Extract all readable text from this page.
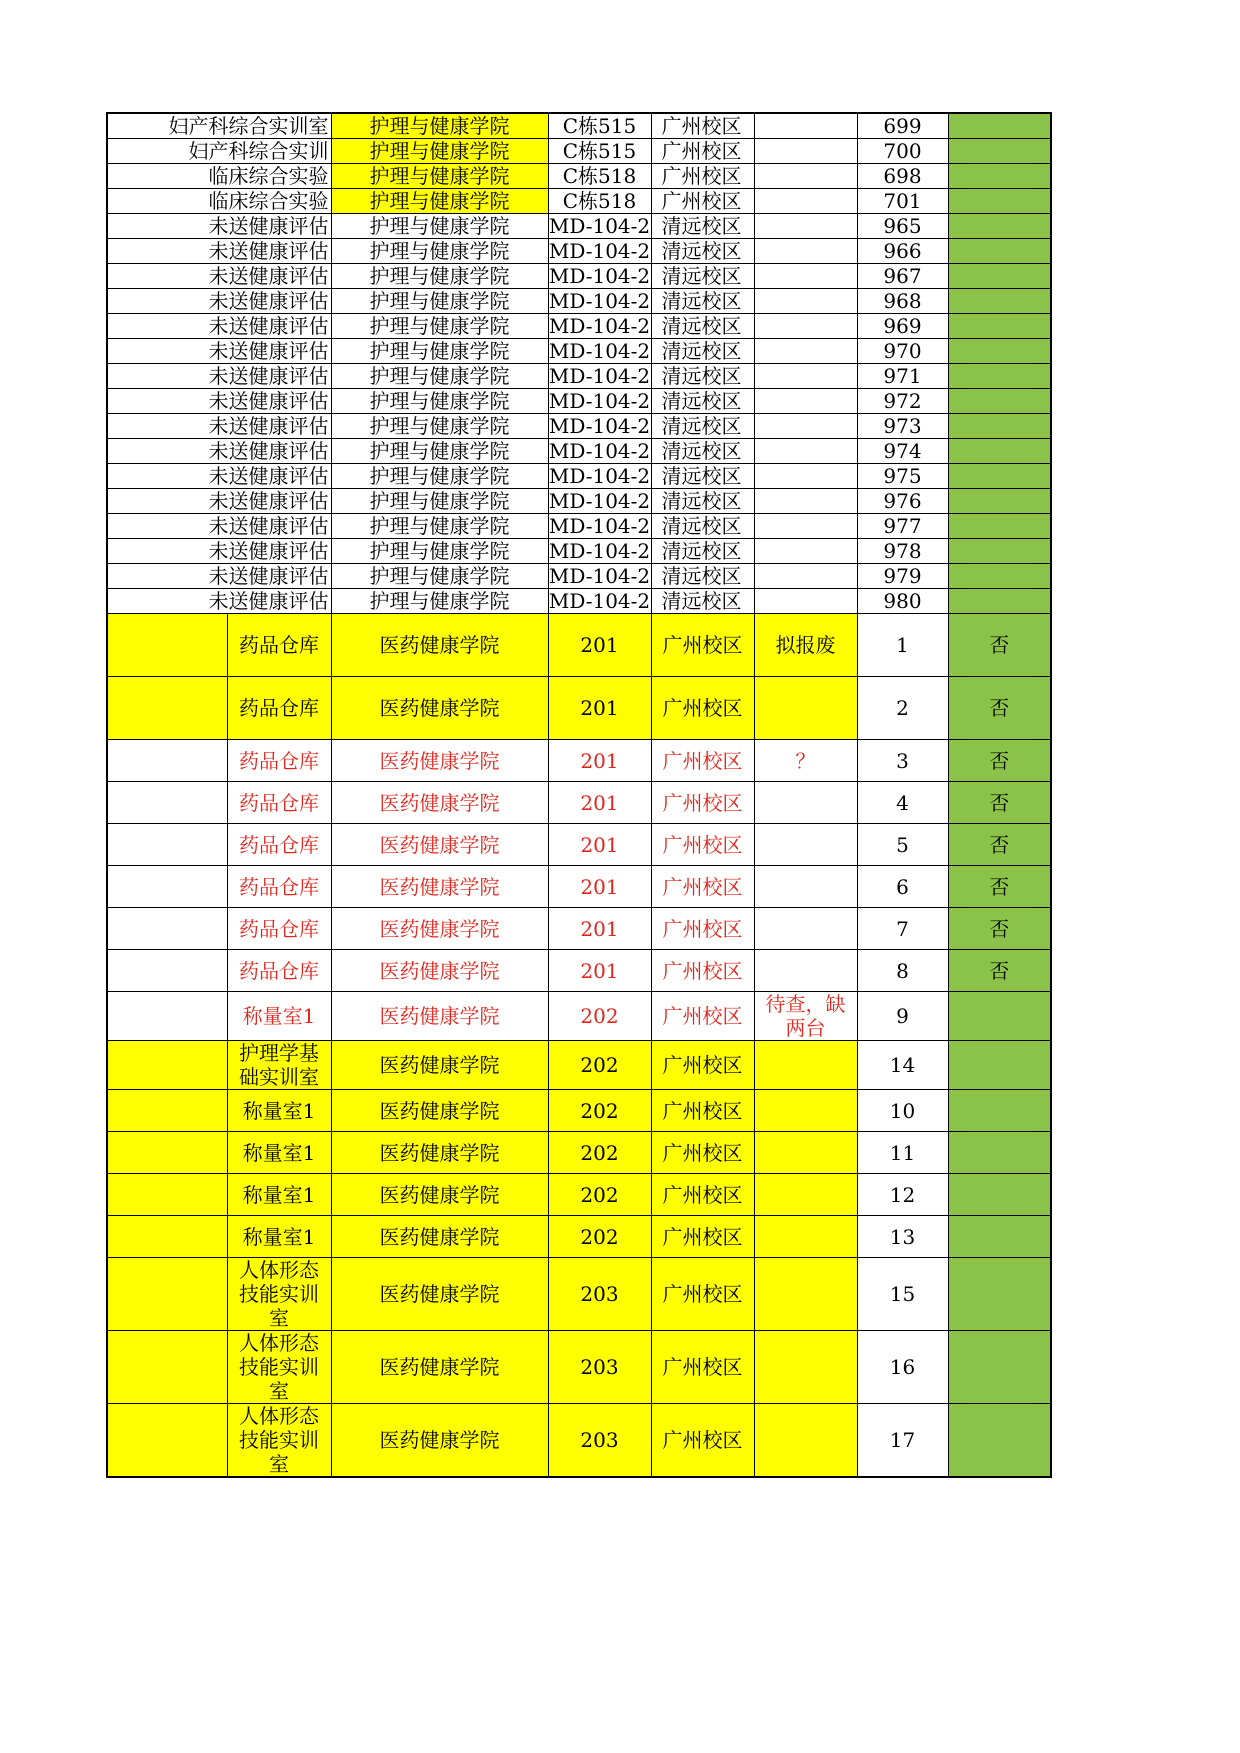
妇产科综合实训室		护理与健康学院	C栋515	广州校区		699	
妇产科综合实训		护理与健康学院	C栋515	广州校区		700	
临床综合实验		护理与健康学院	C栋518	广州校区		698	
临床综合实验		护理与健康学院	C栋518	广州校区		701	
未送健康评估		护理与健康学院	MD-104-2	清远校区		965	
未送健康评估		护理与健康学院	MD-104-2	清远校区		966	
未送健康评估		护理与健康学院	MD-104-2	清远校区		967	
未送健康评估		护理与健康学院	MD-104-2	清远校区		968	
未送健康评估		护理与健康学院	MD-104-2	清远校区		969	
未送健康评估		护理与健康学院	MD-104-2	清远校区		970	
未送健康评估		护理与健康学院	MD-104-2	清远校区		971	
未送健康评估		护理与健康学院	MD-104-2	清远校区		972	
未送健康评估		护理与健康学院	MD-104-2	清远校区		973	
未送健康评估		护理与健康学院	MD-104-2	清远校区		974	
未送健康评估		护理与健康学院	MD-104-2	清远校区		975	
未送健康评估		护理与健康学院	MD-104-2	清远校区		976	
未送健康评估		护理与健康学院	MD-104-2	清远校区		977	
未送健康评估		护理与健康学院	MD-104-2	清远校区		978	
未送健康评估		护理与健康学院	MD-104-2	清远校区		979	
未送健康评估		护理与健康学院	MD-104-2	清远校区		980	

	药品仓库	医药健康学院	201	广州校区	拟报废	1	否

	药品仓库	医药健康学院	201	广州校区		2	否

	药品仓库	医药健康学院	201	广州校区	？	3	否

	药品仓库	医药健康学院	201	广州校区		4	否

	药品仓库	医药健康学院	201	广州校区		5	否

	药品仓库	医药健康学院	201	广州校区		6	否

	药品仓库	医药健康学院	201	广州校区		7	否

	药品仓库	医药健康学院	201	广州校区		8	否

	称量室1	医药健康学院	202	广州校区	待查，缺两台	9	

	护理学基础实训室	医药健康学院	202	广州校区		14	

	称量室1	医药健康学院	202	广州校区		10	

	称量室1	医药健康学院	202	广州校区		11	

	称量室1	医药健康学院	202	广州校区		12	

	称量室1	医药健康学院	202	广州校区		13	

	人体形态技能实训室	医药健康学院	203	广州校区		15	

	人体形态技能实训室	医药健康学院	203	广州校区		16	

	人体形态技能实训室	医药健康学院	203	广州校区		17	
